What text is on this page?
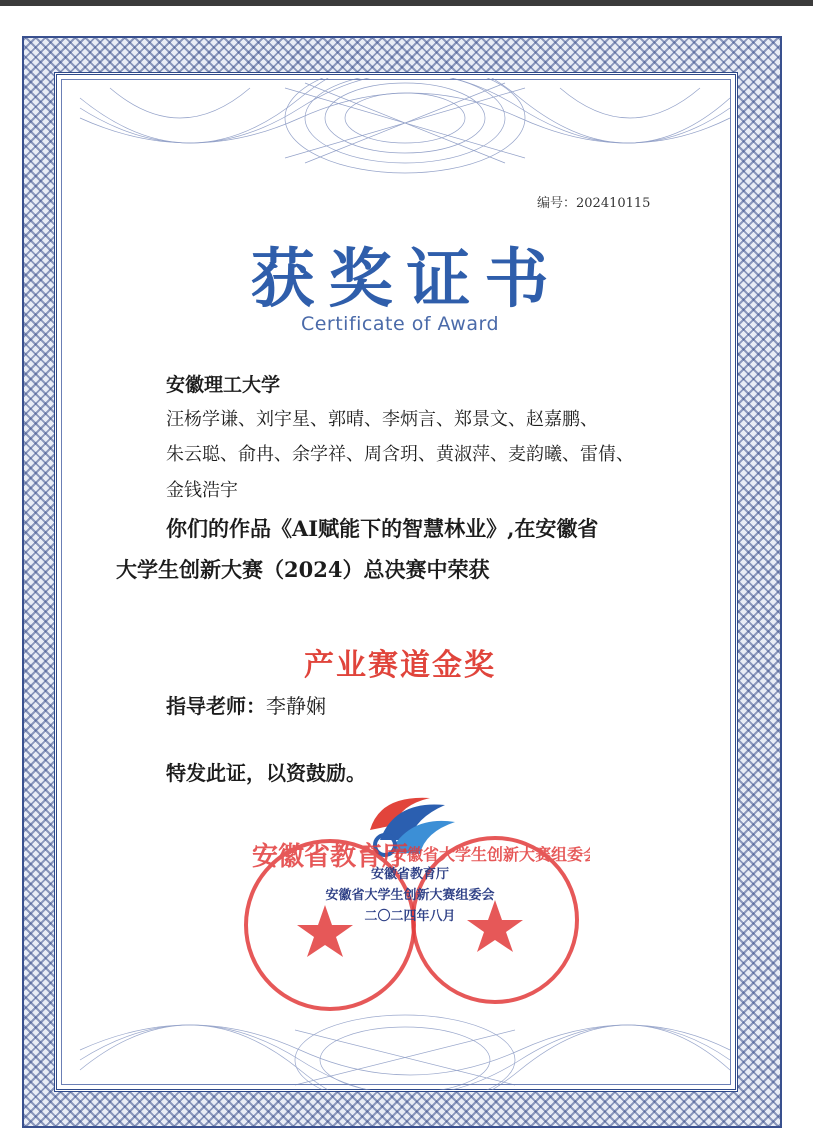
编号：202410115
获奖证书
Certificate of Award
安徽理工大学
汪杨学谦、刘宇星、郭晴、李炳言、郑景文、赵嘉鹏、
朱云聪、俞冉、余学祥、周含玥、黄淑萍、麦韵曦、雷倩、
金钱浩宇
你们的作品《AI赋能下的智慧林业》,在安徽省
大学生创新大赛（2024）总决赛中荣获
产业赛道金奖
指导老师：李静娴
特发此证，以资鼓励。
安徽省教育厅
安徽省大学生创新大赛组委会
安徽省教育厅
安徽省大学生创新大赛组委会
二〇二四年八月
